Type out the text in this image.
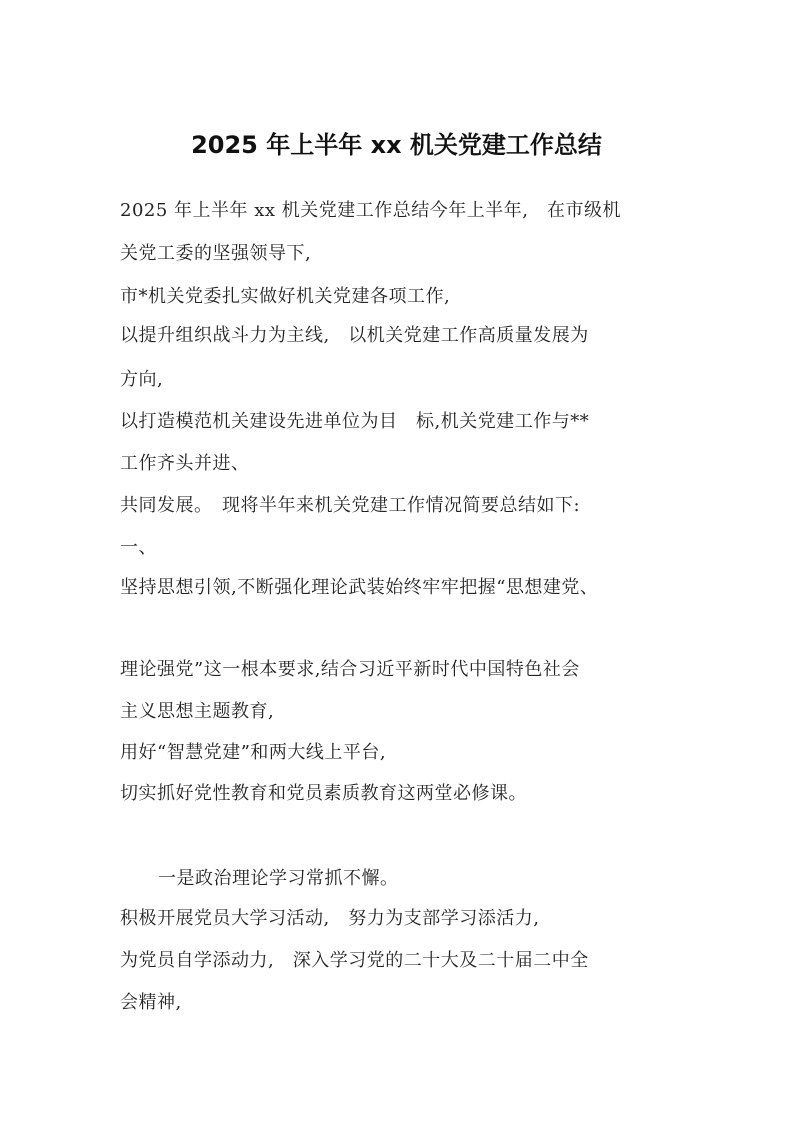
2025 年上半年 xx 机关党建工作总结

2025 年上半年 xx 机关党建工作总结今年上半年,　在市级机

关党工委的坚强领导下,

市*机关党委扎实做好机关党建各项工作,

以提升组织战斗力为主线,　以机关党建工作高质量发展为

方向,

以打造模范机关建设先进单位为目　标,机关党建工作与**

工作齐头并进、

共同发展。　现将半年来机关党建工作情况简要总结如下:

一、

坚持思想引领,不断强化理论武装始终牢牢把握“思想建党、

理论强党”这一根本要求,结合习近平新时代中国特色社会

主义思想主题教育,

用好“智慧党建”和两大线上平台,

切实抓好党性教育和党员素质教育这两堂必修课。

一是政治理论学习常抓不懈。

积极开展党员大学习活动,　努力为支部学习添活力,

为党员自学添动力,　深入学习党的二十大及二十届二中全

会精神,
